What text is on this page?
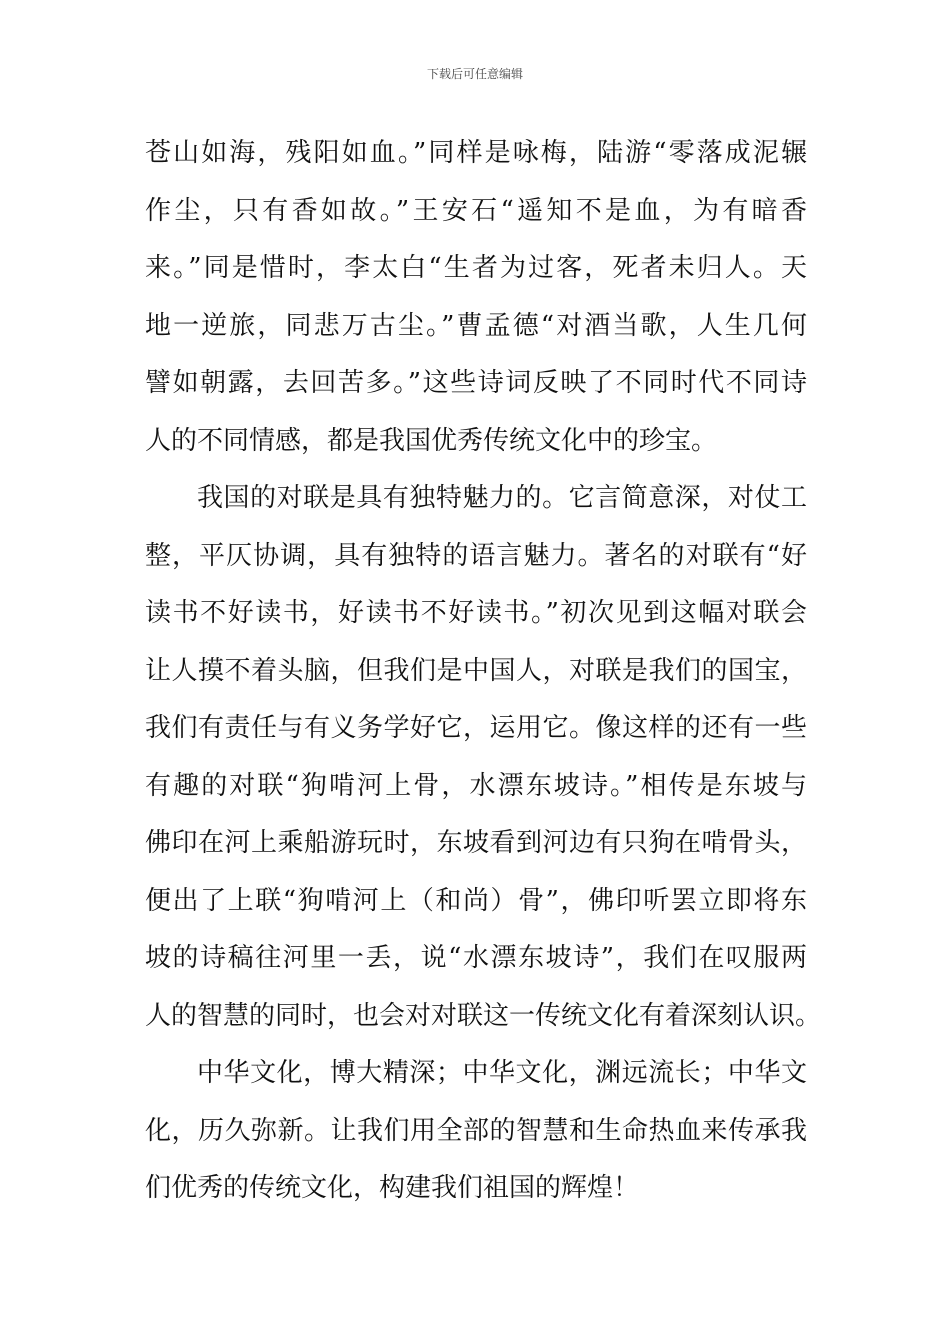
下载后可任意编辑
苍山如海，残阳如血。”同样是咏梅，陆游“零落成泥辗
作尘，只有香如故。”王安石“遥知不是血，为有暗香
来。”同是惜时，李太白“生者为过客，死者未归人。天
地一逆旅，同悲万古尘。”曹孟德“对酒当歌，人生几何
譬如朝露，去回苦多。”这些诗词反映了不同时代不同诗
人的不同情感，都是我国优秀传统文化中的珍宝。
我国的对联是具有独特魅力的。它言简意深，对仗工
整，平仄协调，具有独特的语言魅力。著名的对联有“好
读书不好读书，好读书不好读书。”初次见到这幅对联会
让人摸不着头脑，但我们是中国人，对联是我们的国宝，
我们有责任与有义务学好它，运用它。像这样的还有一些
有趣的对联“狗啃河上骨，水漂东坡诗。”相传是东坡与
佛印在河上乘船游玩时，东坡看到河边有只狗在啃骨头，
便出了上联“狗啃河上（和尚）骨”，佛印听罢立即将东
坡的诗稿往河里一丢，说“水漂东坡诗”，我们在叹服两
人的智慧的同时，也会对对联这一传统文化有着深刻认识。
中华文化，博大精深；中华文化，渊远流长；中华文
化，历久弥新。让我们用全部的智慧和生命热血来传承我
们优秀的传统文化，构建我们祖国的辉煌！
